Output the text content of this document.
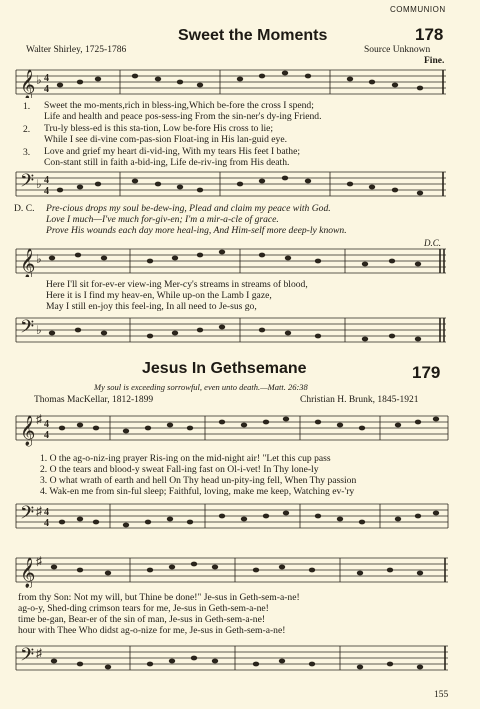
COMMUNION
Sweet the Moments	178
Walter Shirley, 1725-1786	Source Unknown
Fine.
𝄞 ♭ 4
4
1.
2.
3.
Sweet the mo-ments,rich in bless-ing,Which be-fore the cross I spend;
Life and health and peace pos-sess-ing From the sin-ner's dy-ing Friend.
Tru-ly bless-ed is this sta-tion, Low be-fore His cross to lie;
While I see di-vine com-pas-sion Float-ing in His lan-guid eye.
Love and grief my heart di-vid-ing, With my tears His feet I bathe;
Con-stant still in faith a-bid-ing, Life de-riv-ing from His death.
𝄢 ♭ 4
4
D. C. Pre-cious drops my soul be-dew-ing, Plead and claim my peace with God.
Love I much—I've much for-giv-en; I'm a mir-a-cle of grace.
Prove His wounds each day more heal-ing, And Him-self more deep-ly known.
D.C.
𝄞 ♭
Here I'll sit for-ev-er view-ing Mer-cy's streams in streams of blood,
Here it is I find my heav-en, While up-on the Lamb I gaze,
May I still en-joy this feel-ing, In all need to Je-sus go,
𝄢 ♭
Jesus In Gethsemane	179
My soul is exceeding sorrowful, even unto death.—Matt. 26:38
Thomas MacKellar, 1812-1899	Christian H. Brunk, 1845-1921
𝄞 ♯ 4
4
1. O the ag-o-niz-ing prayer Ris-ing on the mid-night air! "Let this cup pass
2. O the tears and blood-y sweat Fall-ing fast on Ol-i-vet! In Thy lone-ly
3. O what wrath of earth and hell On Thy head un-pity-ing fell, When Thy passion
4. Wak-en me from sin-ful sleep; Faithful, loving, make me keep, Watching ev-'ry
𝄢 ♯ 4
4
𝄞 ♯
from thy Son: Not my will, but Thine be done!" Je-sus in Geth-sem-a-ne!
ag-o-y, Shed-ding crimson tears for me, Je-sus in Geth-sem-a-ne!
time be-gan, Bear-er of the sin of man, Je-sus in Geth-sem-a-ne!
hour with Thee Who didst ag-o-nize for me, Je-sus in Geth-sem-a-ne!
𝄢 ♯
155
